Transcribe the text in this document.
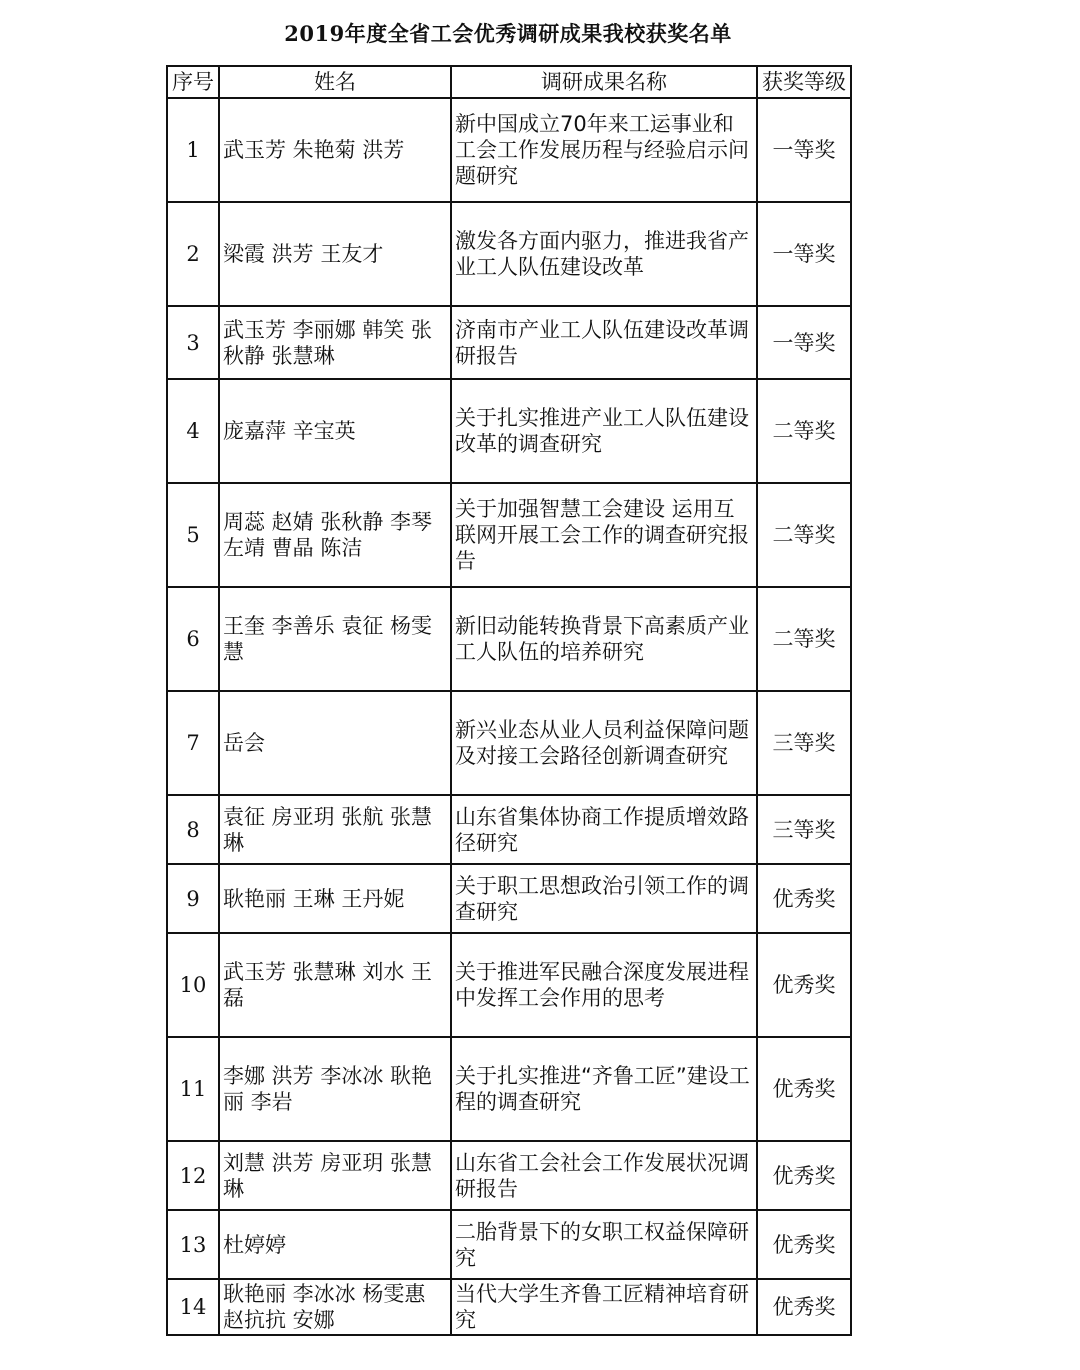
2019年度全省工会优秀调研成果我校获奖名单
序号	姓名	调研成果名称	获奖等级
1	武玉芳 朱艳菊 洪芳	新中国成立70年来工运事业和工会工作发展历程与经验启示问题研究	一等奖
2	梁霞 洪芳 王友才	激发各方面内驱力，推进我省产业工人队伍建设改革	一等奖
3	武玉芳 李丽娜 韩笑 张秋静 张慧琳	济南市产业工人队伍建设改革调研报告	一等奖
4	庞嘉萍 辛宝英	关于扎实推进产业工人队伍建设改革的调查研究	二等奖
5	周蕊 赵婧 张秋静 李琴 左靖 曹晶 陈洁	关于加强智慧工会建设 运用互联网开展工会工作的调查研究报告	二等奖
6	王奎 李善乐 袁征 杨雯慧	新旧动能转换背景下高素质产业工人队伍的培养研究	二等奖
7	岳会	新兴业态从业人员利益保障问题及对接工会路径创新调查研究	三等奖
8	袁征 房亚玥 张航 张慧琳	山东省集体协商工作提质增效路径研究	三等奖
9	耿艳丽 王琳 王丹妮	关于职工思想政治引领工作的调查研究	优秀奖
10	武玉芳 张慧琳 刘水 王磊	关于推进军民融合深度发展进程中发挥工会作用的思考	优秀奖
11	李娜 洪芳 李冰冰 耿艳丽 李岩	关于扎实推进“齐鲁工匠”建设工程的调查研究	优秀奖
12	刘慧 洪芳 房亚玥 张慧琳	山东省工会社会工作发展状况调研报告	优秀奖
13	杜婷婷	二胎背景下的女职工权益保障研究	优秀奖
14	耿艳丽 李冰冰 杨雯惠 赵抗抗 安娜	当代大学生齐鲁工匠精神培育研究	优秀奖
